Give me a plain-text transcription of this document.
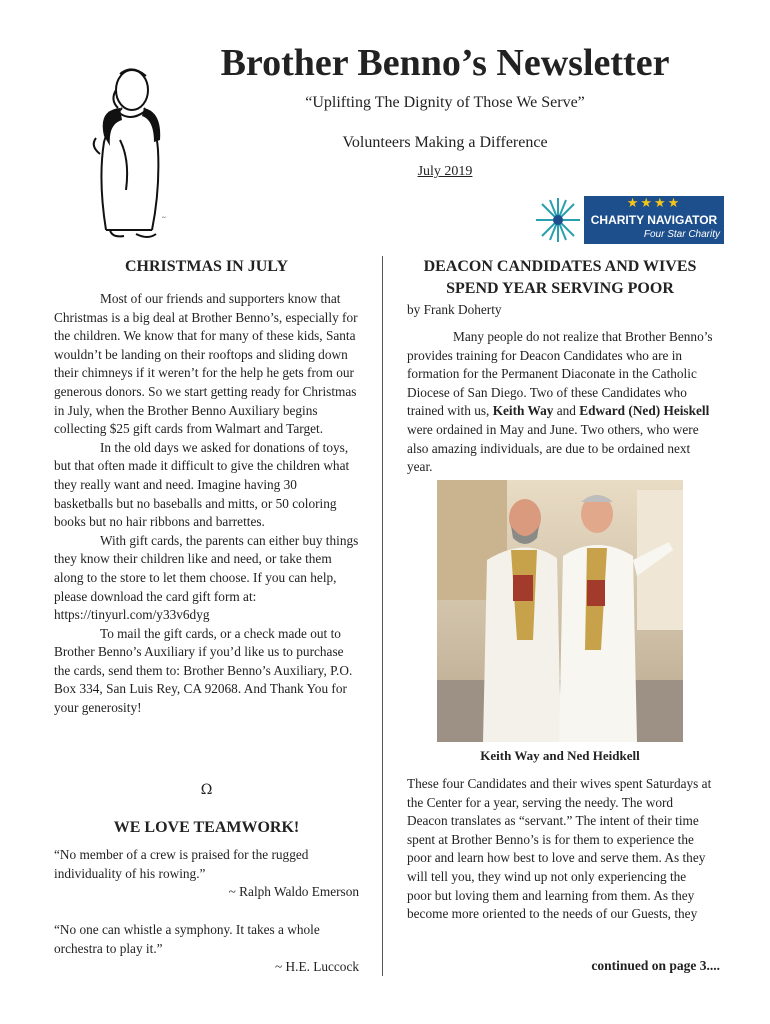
~
Brother Benno’s Newsletter
“Uplifting The Dignity of Those We Serve”
Volunteers Making a Difference
July 2019
★★★★
CHARITY NAVIGATOR
Four Star Charity
CHRISTMAS IN JULY

Most of our friends and supporters know that Christmas is a big deal at Brother Benno’s, especially for the children. We know that for many of these kids, Santa wouldn’t be landing on their rooftops and sliding down their chimneys if it weren’t for the help he gets from our generous donors. So we start getting ready for Christmas in July, when the Brother Benno Auxiliary begins collecting $25 gift cards from Walmart and Target.

In the old days we asked for donations of toys, but that often made it difficult to give the children what they really want and need. Imagine having 30 basketballs but no baseballs and mitts, or 50 coloring books but no hair ribbons and barrettes.

With gift cards, the parents can either buy things they know their children like and need, or take them along to the store to let them choose. If you can help, please download the card gift form at: https://tinyurl.com/y33v6dyg

To mail the gift cards, or a check made out to Brother Benno’s Auxiliary if you’d like us to purchase the cards, send them to: Brother Benno’s Auxiliary, P.O. Box 334, San Luis Rey, CA 92068. And Thank You for your generosity!

Ω
WE LOVE TEAMWORK!
“No member of a crew is praised for the rugged individuality of his rowing.”
~ Ralph Waldo Emerson
“No one can whistle a symphony. It takes a whole orchestra to play it.”
~ H.E. Luccock
DEACON CANDIDATES AND WIVES
SPEND YEAR SERVING POOR
by Frank Doherty

Many people do not realize that Brother Benno’s provides training for Deacon Candidates who are in formation for the Permanent Diaconate in the Catholic Diocese of San Diego. Two of these Candidates who trained with us, Keith Way and Edward (Ned) Heiskell were ordained in May and June. Two others, who were also amazing individuals, are due to be ordained next year.

Keith Way and Ned Heidkell
These four Candidates and their wives spent Saturdays at the Center for a year, serving the needy. The word Deacon translates as “servant.” The intent of their time spent at Brother Benno’s is for them to experience the poor and learn how best to love and serve them. As they will tell you, they wind up not only experiencing the poor but loving them and learning from them. As they become more oriented to the needs of our Guests, they
continued on page 3....
